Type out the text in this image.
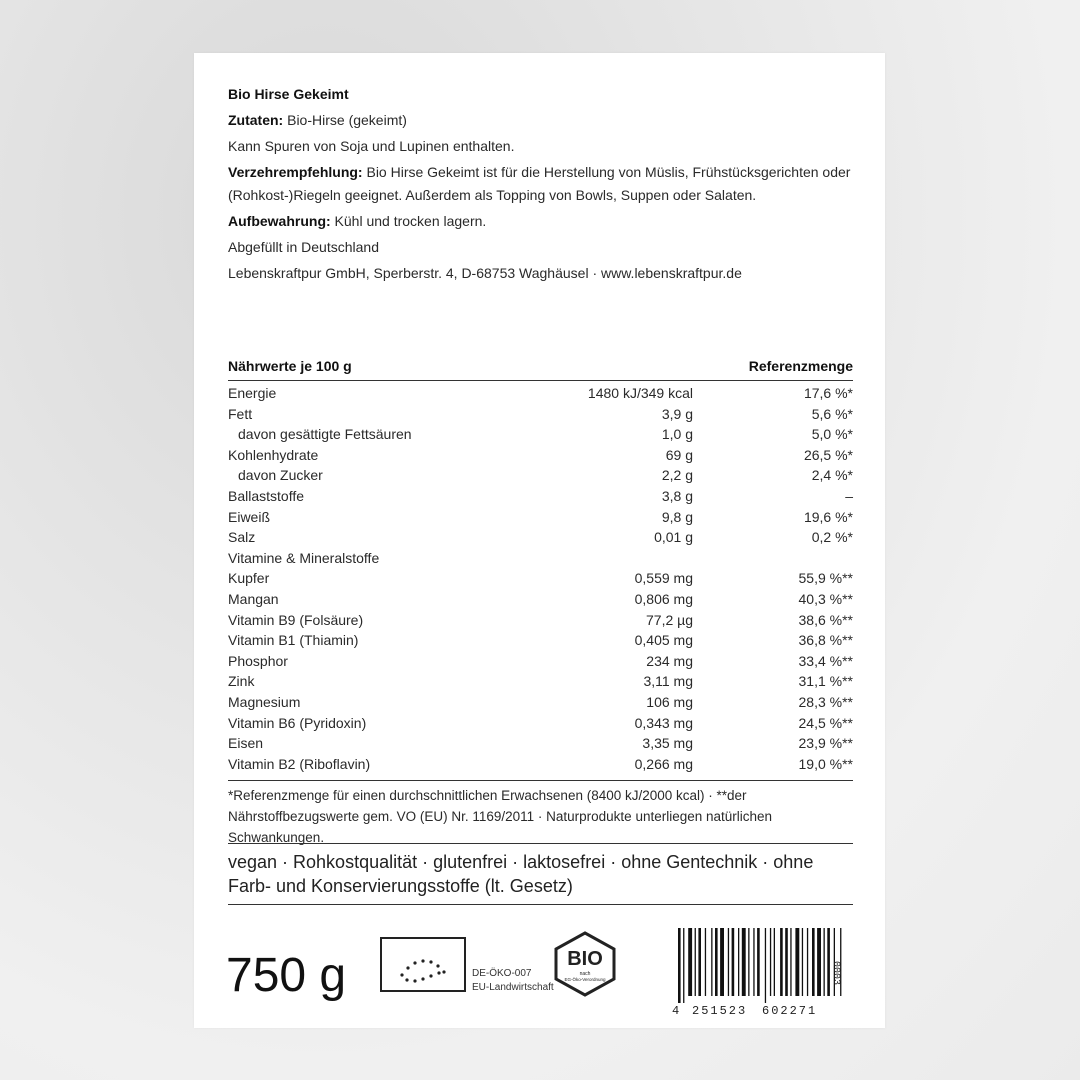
Bio Hirse Gekeimt

Zutaten: Bio-Hirse (gekeimt)

Kann Spuren von Soja und Lupinen enthalten.

Verzehrempfehlung: Bio Hirse Gekeimt ist für die Herstellung von Müslis, Frühstücksgerichten oder (Rohkost-)Riegeln geeignet. Außerdem als Topping von Bowls, Suppen oder Salaten.

Aufbewahrung: Kühl und trocken lagern.

Abgefüllt in Deutschland

Lebenskraftpur GmbH, Sperberstr. 4, D-68753 Waghäusel · www.lebenskraftpur.de

Nährwerte je 100 g	Referenzmenge
Energie	1480 kJ/349 kcal	17,6 %*
Fett	3,9 g	5,6 %*
davon gesättigte Fettsäuren	1,0 g	5,0 %*
Kohlenhydrate	69 g	26,5 %*
davon Zucker	2,2 g	2,4 %*
Ballaststoffe	3,8 g	–
Eiweiß	9,8 g	19,6 %*
Salz	0,01 g	0,2 %*
Vitamine & Mineralstoffe
Kupfer	0,559 mg	55,9 %**
Mangan	0,806 mg	40,3 %**
Vitamin B9 (Folsäure)	77,2 µg	38,6 %**
Vitamin B1 (Thiamin)	0,405 mg	36,8 %**
Phosphor	234 mg	33,4 %**
Zink	3,11 mg	31,1 %**
Magnesium	106 mg	28,3 %**
Vitamin B6 (Pyridoxin)	0,343 mg	24,5 %**
Eisen	3,35 mg	23,9 %**
Vitamin B2 (Riboflavin)	0,266 mg	19,0 %**
*Referenzmenge für einen durchschnittlichen Erwachsenen (8400 kJ/2000 kcal) · **der Nährstoffbezugswerte gem. VO (EU) Nr. 1169/2011 · Naturprodukte unterliegen natürlichen Schwankungen.
vegan · Rohkostqualität · glutenfrei · laktosefrei · ohne Gentechnik · ohne Farb- und Konservierungsstoffe (lt. Gesetz)
750 g	DE-ÖKO-007
EU-Landwirtschaft
BIO
nach
EG-Öko-Verordnung
4 251523 602271
0003
